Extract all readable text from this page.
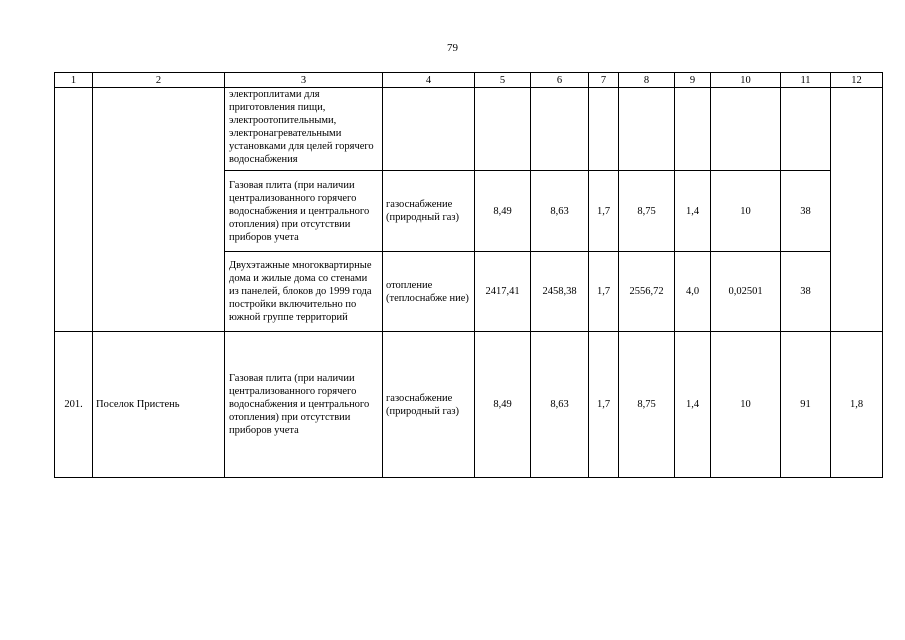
79
1	2	3	4	5	6	7	8	9	10	11	12
		электроплитами для приготовления пищи, электроотопительными, электронагревательными установками для целей горячего водоснабжения									
		Газовая плита (при наличии централизованного горячего водоснабжения и центрального отопления) при отсутствии приборов учета	газоснабжение (природный газ)	8,49	8,63	1,7	8,75	1,4	10	38	
		Двухэтажные многоквартирные дома и жилые дома со стенами из панелей, блоков до 1999 года постройки включительно по южной группе территорий	отопление (теплоснабже ние)	2417,41	2458,38	1,7	2556,72	4,0	0,02501	38	
201.	Поселок Пристень	Газовая плита (при наличии централизованного горячего водоснабжения и центрального отопления) при отсутствии приборов учета	газоснабжение (природный газ)	8,49	8,63	1,7	8,75	1,4	10	91	1,8
